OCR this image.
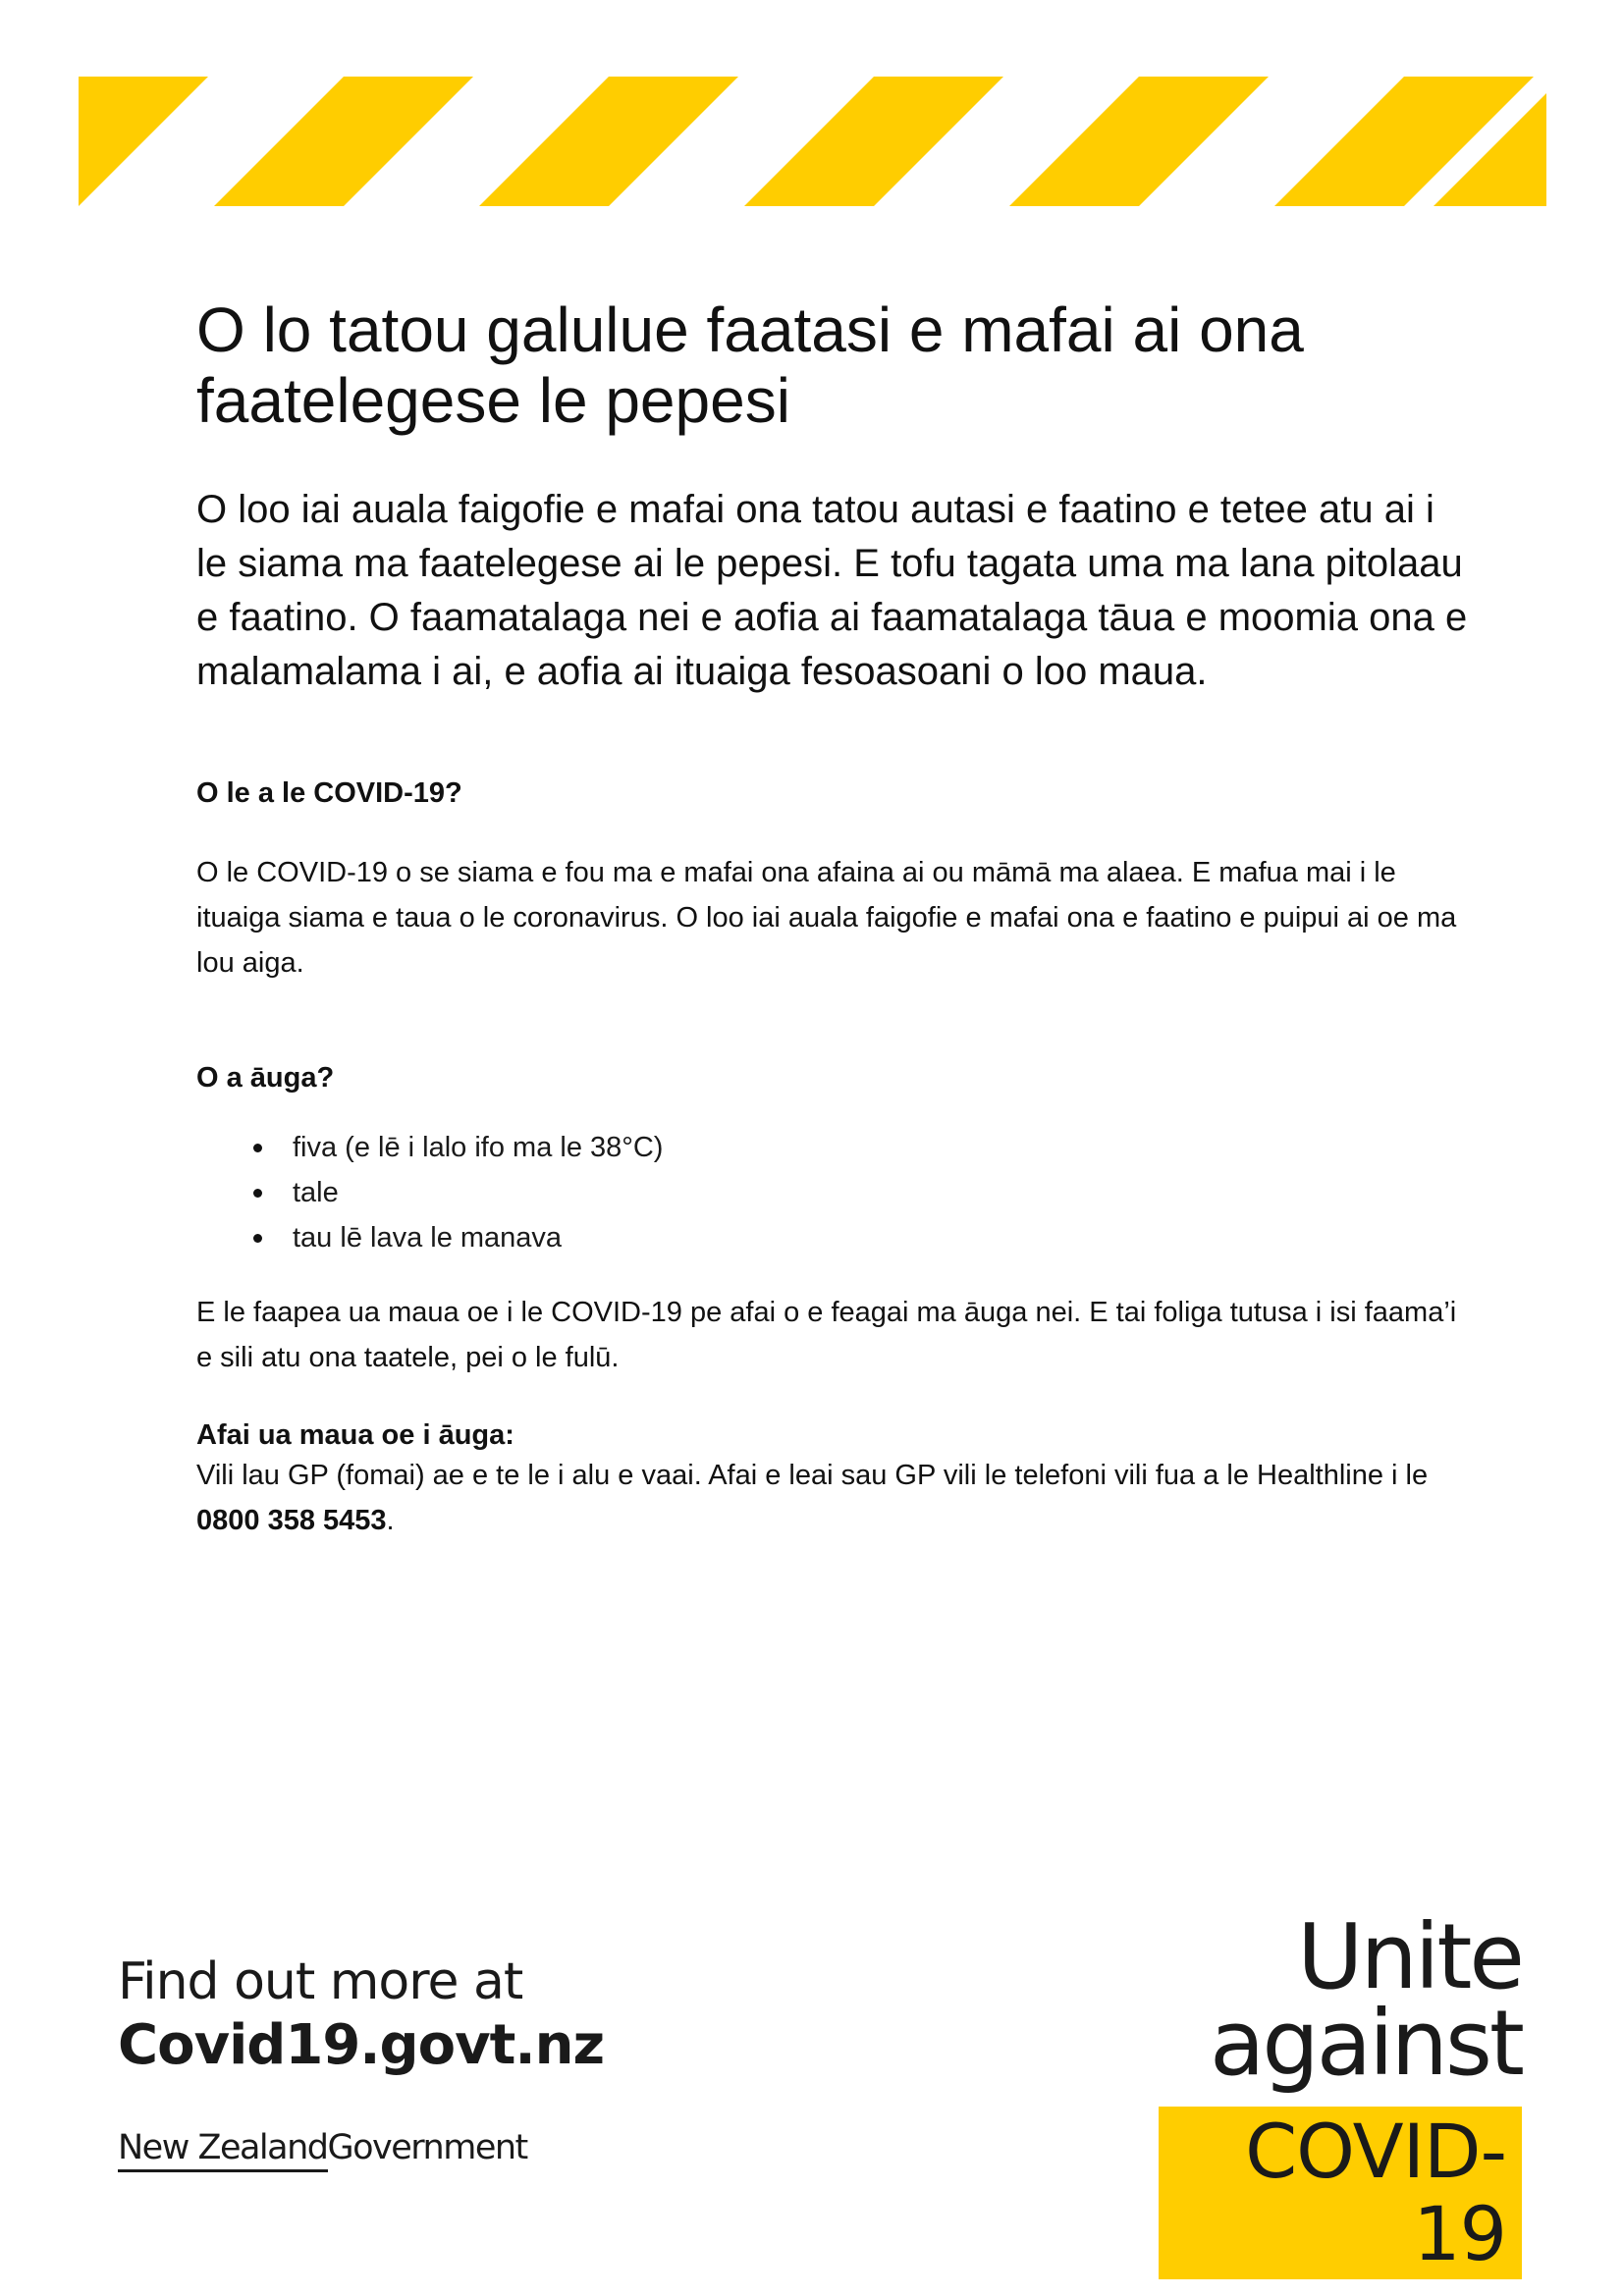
O lo tatou galulue faatasi e mafai ai ona faatelegese le pepesi

O loo iai auala faigofie e mafai ona tatou autasi e faatino e tetee atu ai i le siama ma faatelegese ai le pepesi. E tofu tagata uma ma lana pitolaau e faatino. O faamatalaga nei e aofia ai faamatalaga tāua e moomia ona e malamalama i ai, e aofia ai ituaiga fesoasoani o loo maua.

O le a le COVID-19?

O le COVID-19 o se siama e fou ma e mafai ona afaina ai ou māmā ma alaea. E mafua mai i le ituaiga siama e taua o le coronavirus. O loo iai auala faigofie e mafai ona e faatino e puipui ai oe ma lou aiga.

O a āuga?
fiva (e lē i lalo ifo ma le 38°C)
tale
tau lē lava le manava

E le faapea ua maua oe i le COVID-19 pe afai o e feagai ma āuga nei. E tai foliga tutusa i isi faama’i e sili atu ona taatele, pei o le fulū.

Afai ua maua oe i āuga:

Vili lau GP (fomai) ae e te le i alu e vaai. Afai e leai sau GP vili le telefoni vili fua a le Healthline i le 0800 358 5453.

Find out more at
Covid19.govt.nz
New ZealandGovernment
Unite
against
COVID-19
